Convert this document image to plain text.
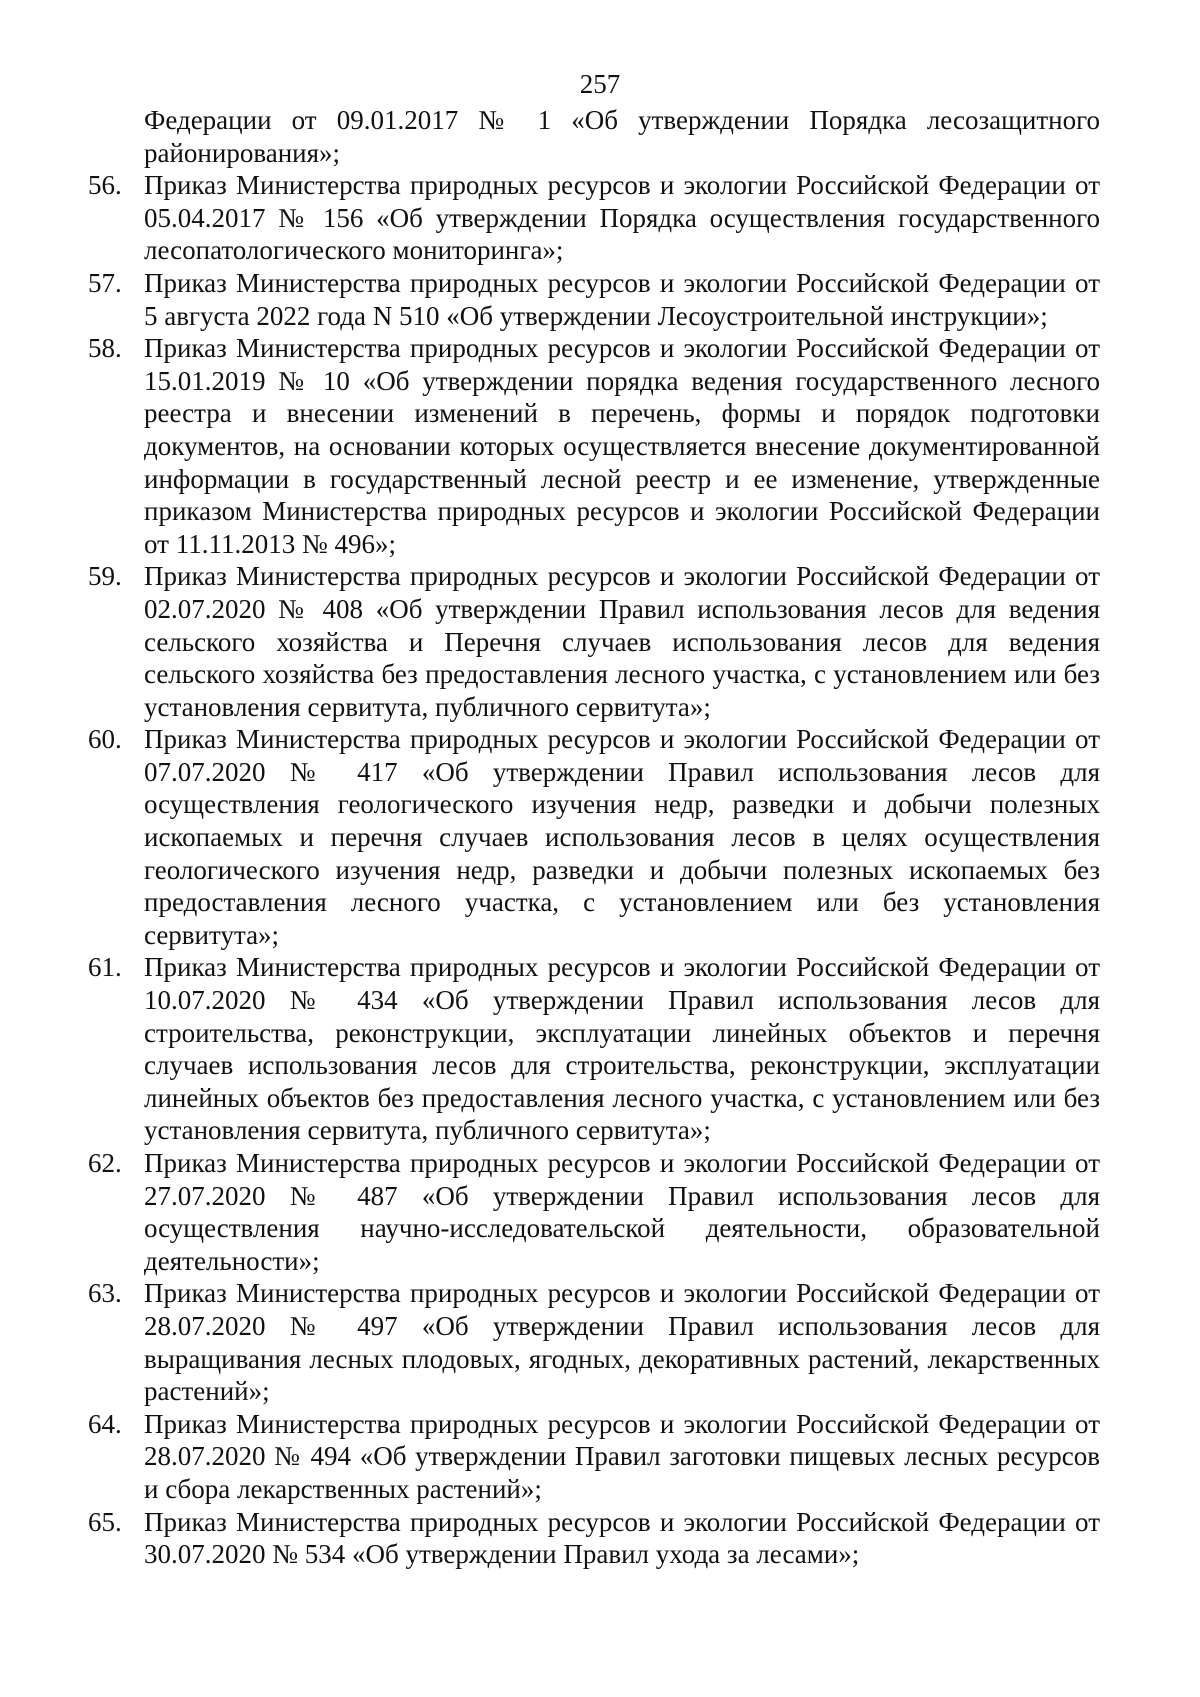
257
Федерации от 09.01.2017 № 1 «Об утверждении Порядка лесозащитного районирования»;
56. Приказ Министерства природных ресурсов и экологии Российской Федерации от 05.04.2017 № 156 «Об утверждении Порядка осуществления государственного лесопатологического мониторинга»;
57. Приказ Министерства природных ресурсов и экологии Российской Федерации от 5 августа 2022 года N 510 «Об утверждении Лесоустроительной инструкции»;
58. Приказ Министерства природных ресурсов и экологии Российской Федерации от 15.01.2019 № 10 «Об утверждении порядка ведения государственного лесного реестра и внесении изменений в перечень, формы и порядок подготовки документов, на основании которых осуществляется внесение документированной информации в государственный лесной реестр и ее изменение, утвержденные приказом Министерства природных ресурсов и экологии Российской Федерации от 11.11.2013 № 496»;
59. Приказ Министерства природных ресурсов и экологии Российской Федерации от 02.07.2020 № 408 «Об утверждении Правил использования лесов для ведения сельского хозяйства и Перечня случаев использования лесов для ведения сельского хозяйства без предоставления лесного участка, с установлением или без установления сервитута, публичного сервитута»;
60. Приказ Министерства природных ресурсов и экологии Российской Федерации от 07.07.2020 № 417 «Об утверждении Правил использования лесов для осуществления геологического изучения недр, разведки и добычи полезных ископаемых и перечня случаев использования лесов в целях осуществления геологического изучения недр, разведки и добычи полезных ископаемых без предоставления лесного участка, с установлением или без установления сервитута»;
61. Приказ Министерства природных ресурсов и экологии Российской Федерации от 10.07.2020 № 434 «Об утверждении Правил использования лесов для строительства, реконструкции, эксплуатации линейных объектов и перечня случаев использования лесов для строительства, реконструкции, эксплуатации линейных объектов без предоставления лесного участка, с установлением или без установления сервитута, публичного сервитута»;
62. Приказ Министерства природных ресурсов и экологии Российской Федерации от 27.07.2020 № 487 «Об утверждении Правил использования лесов для осуществления научно-исследовательской деятельности, образовательной деятельности»;
63. Приказ Министерства природных ресурсов и экологии Российской Федерации от 28.07.2020 № 497 «Об утверждении Правил использования лесов для выращивания лесных плодовых, ягодных, декоративных растений, лекарственных растений»;
64. Приказ Министерства природных ресурсов и экологии Российской Федерации от 28.07.2020 № 494 «Об утверждении Правил заготовки пищевых лесных ресурсов и сбора лекарственных растений»;
65. Приказ Министерства природных ресурсов и экологии Российской Федерации от 30.07.2020 № 534 «Об утверждении Правил ухода за лесами»;
